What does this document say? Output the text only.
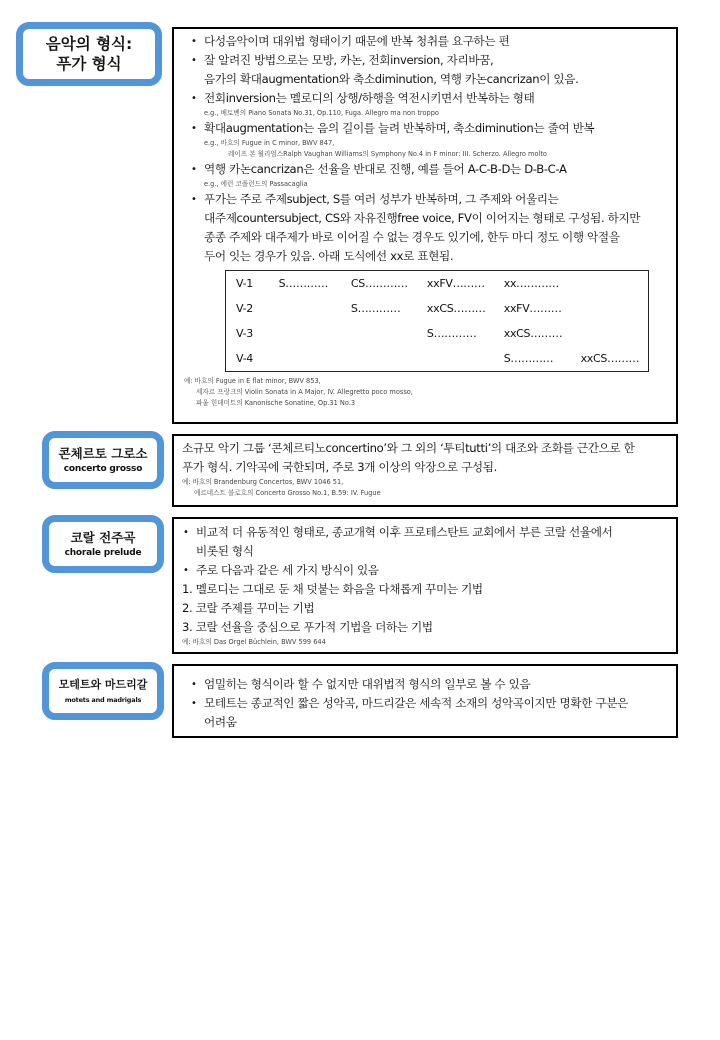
음악의 형식:
푸가 형식
• 다성음악이며 대위법 형태이기 때문에 반복 청취를 요구하는 편
• 잘 알려진 방법으로는 모방, 카논, 전회inversion, 자리바꿈,
음가의 확대augmentation와 축소diminution, 역행 카논cancrizan이 있음.
• 전회inversion는 멜로디의 상행/하행을 역전시키면서 반복하는 형태
e.g., 베토벤의 Piano Sonata No.31, Op.110, Fuga. Allegro ma non troppo
• 확대augmentation는 음의 길이를 늘려 반복하며, 축소diminution는 줄여 반복
e.g., 바흐의 Fugue in C minor, BWV 847,
레이프 본 윌리엄스Ralph Vaughan Williams의 Symphony No.4 in F minor: III. Scherzo. Allegro molto
• 역행 카논cancrizan은 선율을 반대로 진행, 예를 들어 A-C-B-D는 D-B-C-A
e.g., 에런 코플런드의 Passacaglia
• 푸가는 주로 주제subject, S를 여러 성부가 반복하며, 그 주제와 어울리는
대주제countersubject, CS와 자유진행free voice, FV이 이어지는 형태로 구성됨. 하지만
종종 주제와 대주제가 바로 이어질 수 없는 경우도 있기에, 한두 마디 정도 이행 악절을
두어 잇는 경우가 있음. 아래 도식에선 xx로 표현됨.
V-1	S…………	CS…………	xxFV………	xx…………	
V-2		S…………	xxCS………	xxFV………	
V-3			S…………	xxCS………	
V-4				S…………	xxCS………
예: 바흐의 Fugue in E flat minor, BWV 853,
세자르 프랑크의 Violin Sonata in A Major, IV. Allegretto poco mosso,
파울 힌데미트의 Kanonische Sonatine, Op.31 No.3
콘체르토 그로소
concerto grosso
소규모 악기 그룹 ‘콘체르티노concertino’와 그 외의 ‘투티tutti’의 대조와 조화를 근간으로 한
푸가 형식. 기악곡에 국한되며, 주로 3개 이상의 악장으로 구성됨.
예: 바흐의 Brandenburg Concertos, BWV 1046 51,
에르네스트 블로흐의 Concerto Grosso No.1, B.59: IV. Fugue
코랄 전주곡
chorale prelude
• 비교적 더 유동적인 형태로, 종교개혁 이후 프로테스탄트 교회에서 부른 코랄 선율에서
비롯된 형식
• 주로 다음과 같은 세 가지 방식이 있음
1. 멜로디는 그대로 둔 채 덧붙는 화음을 다채롭게 꾸미는 기법
2. 코랄 주제를 꾸미는 기법
3. 코랄 선율을 중심으로 푸가적 기법을 더하는 기법
예: 바흐의 Das Orgel Büchlein, BWV 599 644
모테트와 마드리갈
motets and madrigals
• 엄밀히는 형식이라 할 수 없지만 대위법적 형식의 일부로 볼 수 있음
• 모테트는 종교적인 짧은 성악곡, 마드리갈은 세속적 소재의 성악곡이지만 명확한 구분은
어려움
